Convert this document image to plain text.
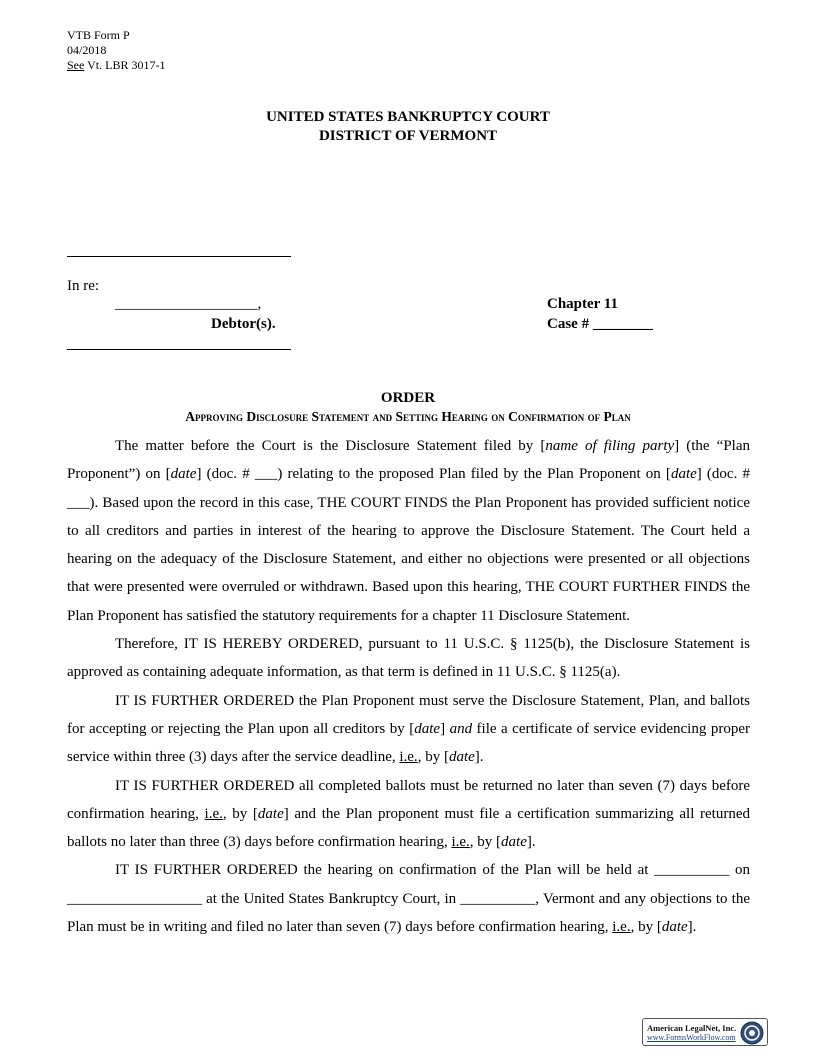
VTB Form P
04/2018
See Vt. LBR 3017-1
UNITED STATES BANKRUPTCY COURT
DISTRICT OF VERMONT
In re:
___________________,
Debtor(s).
Chapter 11
Case # ________
ORDER
Approving Disclosure Statement and Setting Hearing on Confirmation of Plan

The matter before the Court is the Disclosure Statement filed by [name of filing party] (the “Plan Proponent”) on [date] (doc. # ___) relating to the proposed Plan filed by the Plan Proponent on [date] (doc. # ___). Based upon the record in this case, THE COURT FINDS the Plan Proponent has provided sufficient notice to all creditors and parties in interest of the hearing to approve the Disclosure Statement. The Court held a hearing on the adequacy of the Disclosure Statement, and either no objections were presented or all objections that were presented were overruled or withdrawn. Based upon this hearing, THE COURT FURTHER FINDS the Plan Proponent has satisfied the statutory requirements for a chapter 11 Disclosure Statement.

Therefore, IT IS HEREBY ORDERED, pursuant to 11 U.S.C. § 1125(b), the Disclosure Statement is approved as containing adequate information, as that term is defined in 11 U.S.C. § 1125(a).

IT IS FURTHER ORDERED the Plan Proponent must serve the Disclosure Statement, Plan, and ballots for accepting or rejecting the Plan upon all creditors by [date] and file a certificate of service evidencing proper service within three (3) days after the service deadline, i.e., by [date].

IT IS FURTHER ORDERED all completed ballots must be returned no later than seven (7) days before confirmation hearing, i.e., by [date] and the Plan proponent must file a certification summarizing all returned ballots no later than three (3) days before confirmation hearing, i.e., by [date].

IT IS FURTHER ORDERED the hearing on confirmation of the Plan will be held at __________ on __________________ at the United States Bankruptcy Court, in __________, Vermont and any objections to the Plan must be in writing and filed no later than seven (7) days before confirmation hearing, i.e., by [date].

American LegalNet, Inc.
www.FormsWorkFlow.com
